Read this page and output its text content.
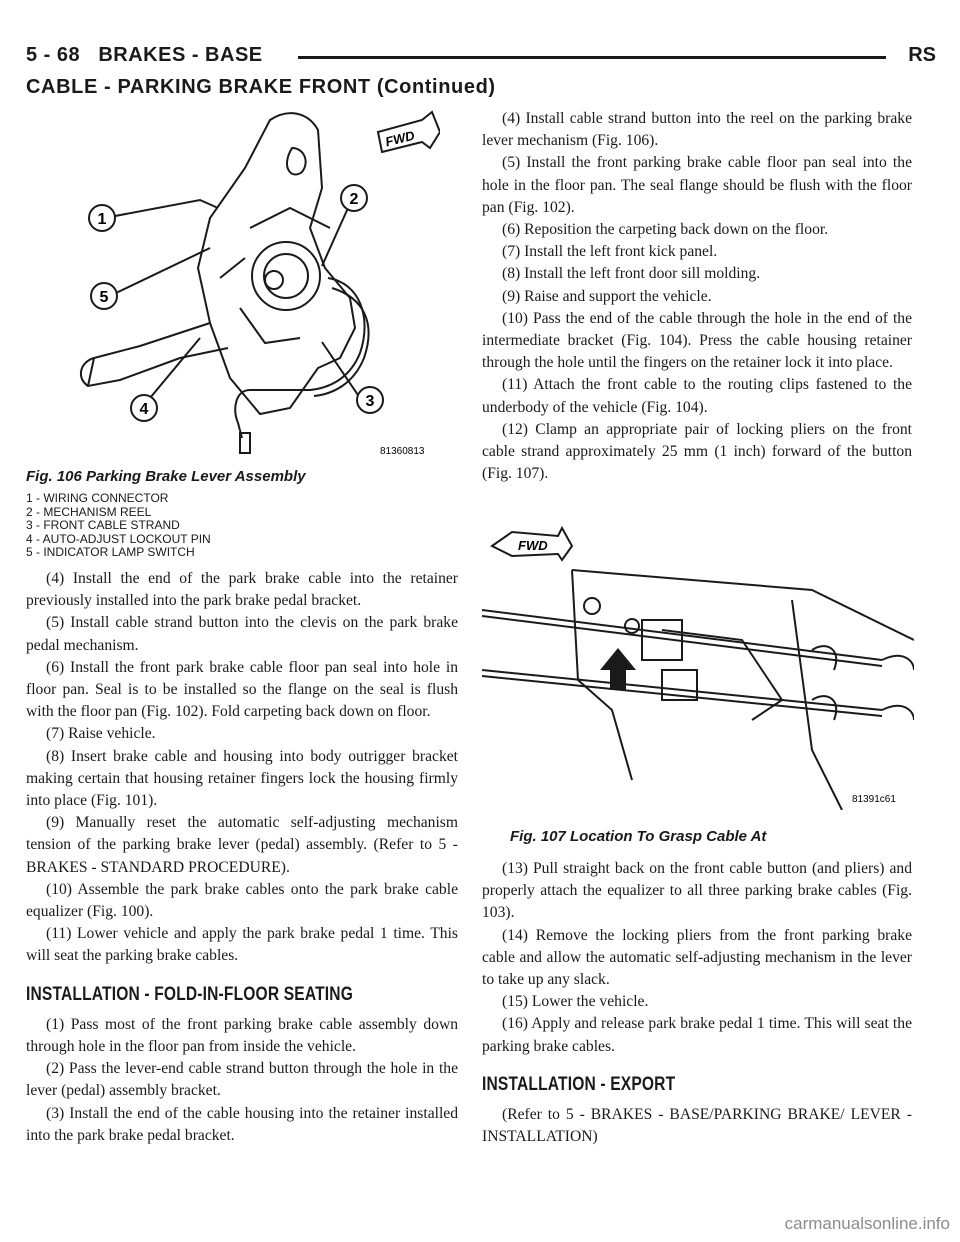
5 - 68 BRAKES - BASE	RS
CABLE - PARKING BRAKE FRONT (Continued)
FWD
1
2
3
4
5
81360813
Fig. 106 Parking Brake Lever Assembly
1 - WIRING CONNECTOR
2 - MECHANISM REEL
3 - FRONT CABLE STRAND
4 - AUTO-ADJUST LOCKOUT PIN
5 - INDICATOR LAMP SWITCH

(4) Install the end of the park brake cable into the retainer previously installed into the park brake pedal bracket.

(5) Install cable strand button into the clevis on the park brake pedal mechanism.

(6) Install the front park brake cable floor pan seal into hole in floor pan. Seal is to be installed so the flange on the seal is flush with the floor pan (Fig. 102). Fold carpeting back down on floor.

(7) Raise vehicle.

(8) Insert brake cable and housing into body outrigger bracket making certain that housing retainer fingers lock the housing firmly into place (Fig. 101).

(9) Manually reset the automatic self-adjusting mechanism tension of the parking brake lever (pedal) assembly. (Refer to 5 - BRAKES - STANDARD PROCEDURE).

(10) Assemble the park brake cables onto the park brake cable equalizer (Fig. 100).

(11) Lower vehicle and apply the park brake pedal 1 time. This will seat the parking brake cables.

INSTALLATION - FOLD-IN-FLOOR SEATING

(1) Pass most of the front parking brake cable assembly down through hole in the floor pan from inside the vehicle.

(2) Pass the lever-end cable strand button through the hole in the lever (pedal) assembly bracket.

(3) Install the end of the cable housing into the retainer installed into the park brake pedal bracket.

(4) Install cable strand button into the reel on the parking brake lever mechanism (Fig. 106).

(5) Install the front parking brake cable floor pan seal into the hole in the floor pan. The seal flange should be flush with the floor pan (Fig. 102).

(6) Reposition the carpeting back down on the floor.

(7) Install the left front kick panel.

(8) Install the left front door sill molding.

(9) Raise and support the vehicle.

(10) Pass the end of the cable through the hole in the end of the intermediate bracket (Fig. 104). Press the cable housing retainer through the hole until the fingers on the retainer lock it into place.

(11) Attach the front cable to the routing clips fastened to the underbody of the vehicle (Fig. 104).

(12) Clamp an appropriate pair of locking pliers on the front cable strand approximately 25 mm (1 inch) forward of the button (Fig. 107).

FWD
81391c61
Fig. 107 Location To Grasp Cable At

(13) Pull straight back on the front cable button (and pliers) and properly attach the equalizer to all three parking brake cables (Fig. 103).

(14) Remove the locking pliers from the front parking brake cable and allow the automatic self-adjusting mechanism in the lever to take up any slack.

(15) Lower the vehicle.

(16) Apply and release park brake pedal 1 time. This will seat the parking brake cables.

INSTALLATION - EXPORT

(Refer to 5 - BRAKES - BASE/PARKING BRAKE/ LEVER - INSTALLATION)

carmanualsonline.info
